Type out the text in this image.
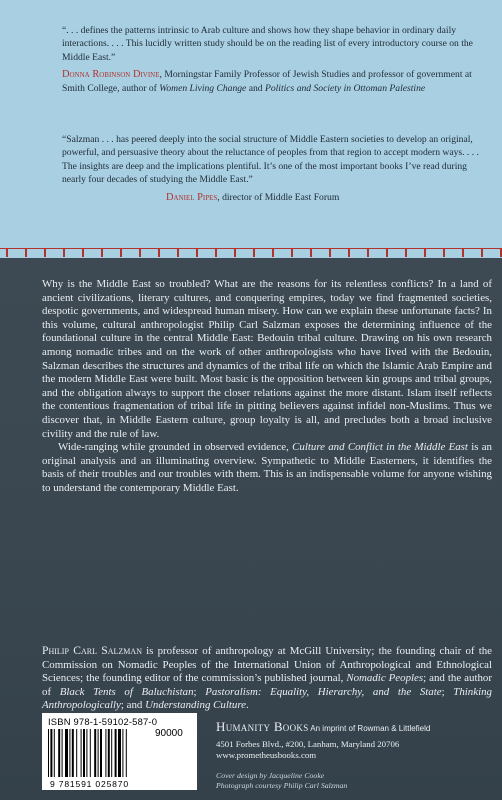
“. . . defines the patterns intrinsic to Arab culture and shows how they shape behavior in ordinary daily interactions. . . . This lucidly written study should be on the reading list of every introductory course on the Middle East.”
Donna Robinson Divine, Morningstar Family Professor of Jewish Studies and professor of government at Smith College, author of Women Living Change and Politics and Society in Ottoman Palestine
“Salzman . . . has peered deeply into the social structure of Middle Eastern societies to develop an original, powerful, and persuasive theory about the reluctance of peoples from that region to accept modern ways. . . . The insights are deep and the implications plentiful. It’s one of the most important books I’ve read during nearly four decades of studying the Middle East.”
Daniel Pipes, director of Middle East Forum

Why is the Middle East so troubled? What are the reasons for its relentless conflicts? In a land of ancient civilizations, literary cultures, and conquering empires, today we find fragmented societies, despotic governments, and widespread human misery. How can we explain these unfortunate facts? In this volume, cultural anthropologist Philip Carl Salzman exposes the determining influence of the foundational culture in the central Middle East: Bedouin tribal culture. Drawing on his own research among nomadic tribes and on the work of other anthropologists who have lived with the Bedouin, Salzman describes the structures and dynamics of the tribal life on which the Islamic Arab Empire and the modern Middle East were built. Most basic is the opposition between kin groups and tribal groups, and the obligation always to support the closer relations against the more distant. Islam itself reflects the contentious fragmentation of tribal life in pitting believers against infidel non-Muslims. Thus we discover that, in Middle Eastern culture, group loyalty is all, and precludes both a broad inclusive civility and the rule of law.

Wide-ranging while grounded in observed evidence, Culture and Conflict in the Middle East is an original analysis and an illuminating overview. Sympathetic to Middle Easterners, it identifies the basis of their troubles and our troubles with them. This is an indispensable volume for anyone wishing to understand the contemporary Middle East.

Philip Carl Salzman is professor of anthropology at McGill University; the founding chair of the Commission on Nomadic Peoples of the International Union of Anthropological and Ethnological Sciences; the founding editor of the commission’s published journal, Nomadic Peoples; and the author of Black Tents of Baluchistan; Pastoralism: Equality, Hierarchy, and the State; Thinking Anthropologically; and Understanding Culture.
ISBN 978-1-59102-587-0
90000
9 781591 025870
Humanity Books An imprint of Rowman & Littlefield
4501 Forbes Blvd., #200, Lanham, Maryland 20706
www.prometheusbooks.com
Cover design by Jacqueline Cooke
Photograph courtesy Philip Carl Salzman
